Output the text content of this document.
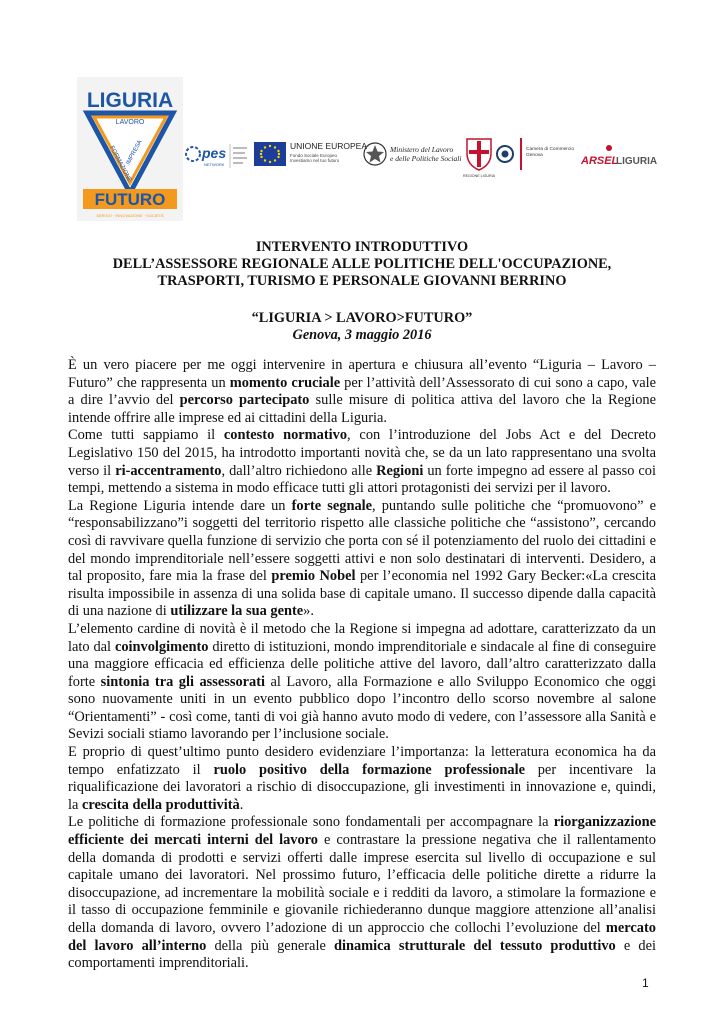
LIGURIA
LAVORO
FORMAZIONE
IMPRESA
FUTURO
SERVIZI · INNOVAZIONE · SOCIETÀ
pes
NETWORK
UNIONE EUROPEA
Fondo Sociale Europeo
Investiamo nel tuo futuro
Ministero del Lavoro
e delle Politiche Sociali
REGIONE LIGURIA
Camera di Commercio
Genova	ARSEL
LIGURIA
INTERVENTO INTRODUTTIVO
DELL’ASSESSORE REGIONALE ALLE POLITICHE DELL'OCCUPAZIONE,
TRASPORTI, TURISMO E PERSONALE GIOVANNI BERRINO
“LIGURIA > LAVORO>FUTURO”
Genova, 3 maggio 2016

È un vero piacere per me oggi intervenire in apertura e chiusura all’evento “Liguria – Lavoro – Futuro” che rappresenta un momento cruciale per l’attività dell’Assessorato di cui sono a capo, vale a dire l’avvio del percorso partecipato sulle misure di politica attiva del lavoro che la Regione intende offrire alle imprese ed ai cittadini della Liguria.

Come tutti sappiamo il contesto normativo, con l’introduzione del Jobs Act e del Decreto Legislativo 150 del 2015, ha introdotto importanti novità che, se da un lato rappresentano una svolta verso il ri-accentramento, dall’altro richiedono alle Regioni un forte impegno ad essere al passo coi tempi, mettendo a sistema in modo efficace tutti gli attori protagonisti dei servizi per il lavoro.

La Regione Liguria intende dare un forte segnale, puntando sulle politiche che “promuovono” e “responsabilizzano”i soggetti del territorio rispetto alle classiche politiche che “assistono”, cercando così di ravvivare quella funzione di servizio che porta con sé il potenziamento del ruolo dei cittadini e del mondo imprenditoriale nell’essere soggetti attivi e non solo destinatari di interventi. Desidero, a tal proposito, fare mia la frase del premio Nobel per l’economia nel 1992 Gary Becker:«La crescita risulta impossibile in assenza di una solida base di capitale umano. Il successo dipende dalla capacità di una nazione di utilizzare la sua gente».

L’elemento cardine di novità è il metodo che la Regione si impegna ad adottare, caratterizzato da un lato dal coinvolgimento diretto di istituzioni, mondo imprenditoriale e sindacale al fine di conseguire una maggiore efficacia ed efficienza delle politiche attive del lavoro, dall’altro caratterizzato dalla forte sintonia tra gli assessorati al Lavoro, alla Formazione e allo Sviluppo Economico che oggi sono nuovamente uniti in un evento pubblico dopo l’incontro dello scorso novembre al salone “Orientamenti” - così come, tanti di voi già hanno avuto modo di vedere, con l’assessore alla Sanità e Sevizi sociali stiamo lavorando per l’inclusione sociale.

E proprio di quest’ultimo punto desidero evidenziare l’importanza: la letteratura economica ha da tempo enfatizzato il ruolo positivo della formazione professionale per incentivare la riqualificazione dei lavoratori a rischio di disoccupazione, gli investimenti in innovazione e, quindi, la crescita della produttività.

Le politiche di formazione professionale sono fondamentali per accompagnare la riorganizzazione efficiente dei mercati interni del lavoro e contrastare la pressione negativa che il rallentamento della domanda di prodotti e servizi offerti dalle imprese esercita sul livello di occupazione e sul capitale umano dei lavoratori. Nel prossimo futuro, l’efficacia delle politiche dirette a ridurre la disoccupazione, ad incrementare la mobilità sociale e i redditi da lavoro, a stimolare la formazione e il tasso di occupazione femminile e giovanile richiederanno dunque maggiore attenzione all’analisi della domanda di lavoro, ovvero l’adozione di un approccio che collochi l’evoluzione del mercato del lavoro all’interno della più generale dinamica strutturale del tessuto produttivo e dei comportamenti imprenditoriali.

1
